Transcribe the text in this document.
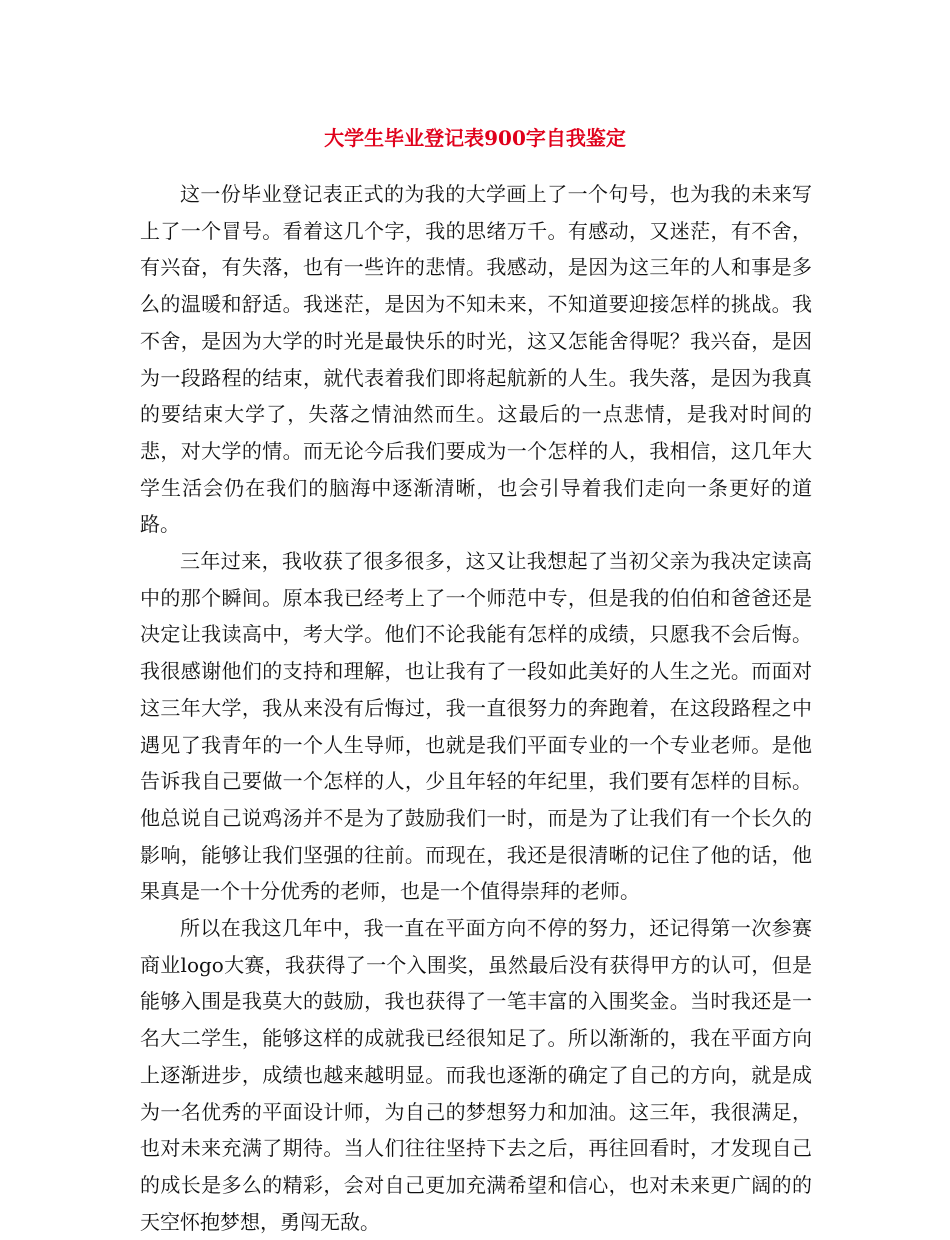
大学生毕业登记表900字自我鉴定

这一份毕业登记表正式的为我的大学画上了一个句号，也为我的未来写上了一个冒号。看着这几个字，我的思绪万千。有感动，又迷茫，有不舍，有兴奋，有失落，也有一些许的悲情。我感动，是因为这三年的人和事是多么的温暖和舒适。我迷茫，是因为不知未来，不知道要迎接怎样的挑战。我不舍，是因为大学的时光是最快乐的时光，这又怎能舍得呢？我兴奋，是因为一段路程的结束，就代表着我们即将起航新的人生。我失落，是因为我真的要结束大学了，失落之情油然而生。这最后的一点悲情，是我对时间的悲，对大学的情。而无论今后我们要成为一个怎样的人，我相信，这几年大学生活会仍在我们的脑海中逐渐清晰，也会引导着我们走向一条更好的道路。

三年过来，我收获了很多很多，这又让我想起了当初父亲为我决定读高中的那个瞬间。原本我已经考上了一个师范中专，但是我的伯伯和爸爸还是决定让我读高中，考大学。他们不论我能有怎样的成绩，只愿我不会后悔。我很感谢他们的支持和理解，也让我有了一段如此美好的人生之光。而面对这三年大学，我从来没有后悔过，我一直很努力的奔跑着，在这段路程之中遇见了我青年的一个人生导师，也就是我们平面专业的一个专业老师。是他告诉我自己要做一个怎样的人，少且年轻的年纪里，我们要有怎样的目标。他总说自己说鸡汤并不是为了鼓励我们一时，而是为了让我们有一个长久的影响，能够让我们坚强的往前。而现在，我还是很清晰的记住了他的话，他果真是一个十分优秀的老师，也是一个值得崇拜的老师。

所以在我这几年中，我一直在平面方向不停的努力，还记得第一次参赛商业logo大赛，我获得了一个入围奖，虽然最后没有获得甲方的认可，但是能够入围是我莫大的鼓励，我也获得了一笔丰富的入围奖金。当时我还是一名大二学生，能够这样的成就我已经很知足了。所以渐渐的，我在平面方向上逐渐进步，成绩也越来越明显。而我也逐渐的确定了自己的方向，就是成为一名优秀的平面设计师，为自己的梦想努力和加油。这三年，我很满足，也对未来充满了期待。当人们往往坚持下去之后，再往回看时，才发现自己的成长是多么的精彩，会对自己更加充满希望和信心，也对未来更广阔的的天空怀抱梦想，勇闯无敌。
